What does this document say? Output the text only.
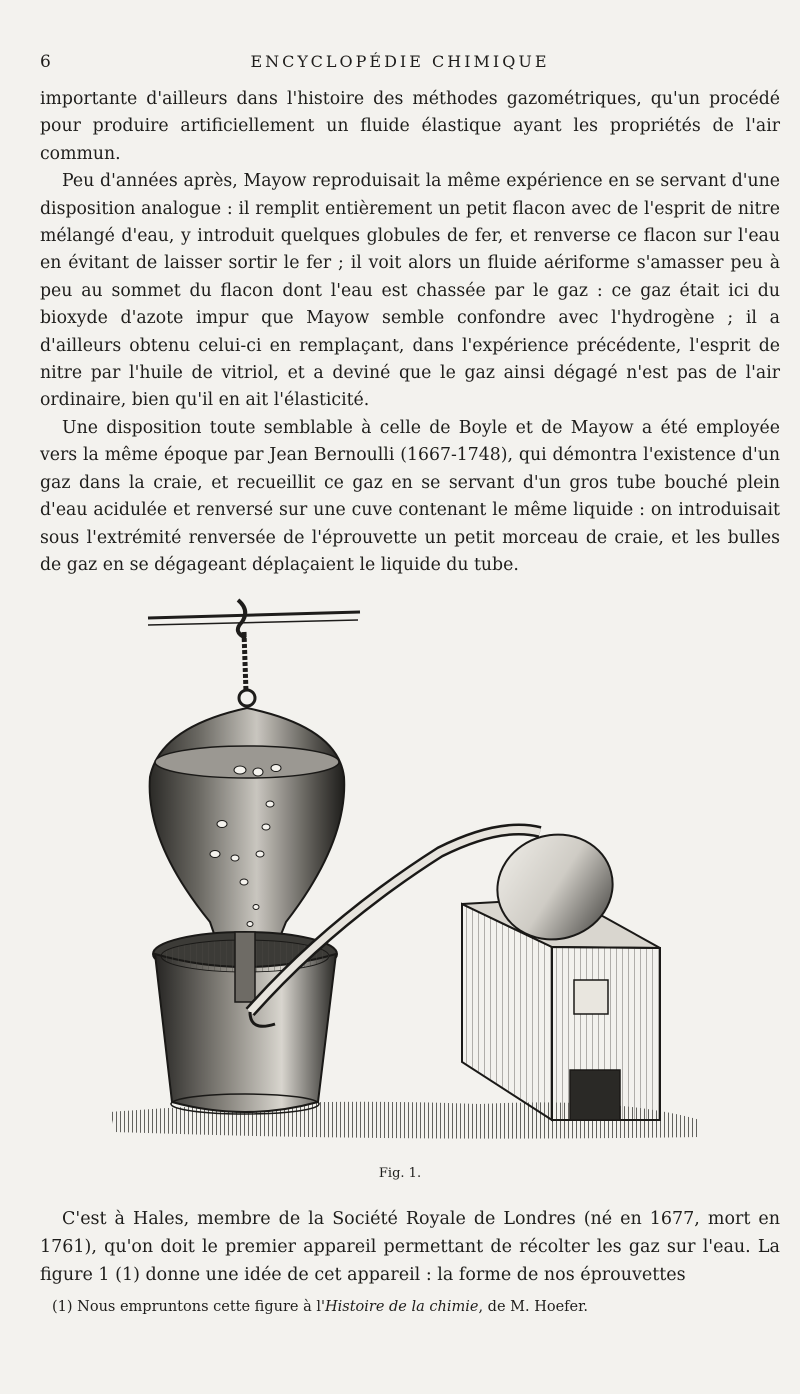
6	ENCYCLOPÉDIE CHIMIQUE

importante d'ailleurs dans l'histoire des méthodes gazométriques, qu'un procédé pour produire artificiellement un fluide élastique ayant les propriétés de l'air commun.

Peu d'années après, Mayow reproduisait la même expérience en se servant d'une disposition analogue : il remplit entièrement un petit flacon avec de l'esprit de nitre mélangé d'eau, y introduit quelques globules de fer, et renverse ce flacon sur l'eau en évitant de laisser sortir le fer ; il voit alors un fluide aériforme s'amasser peu à peu au sommet du flacon dont l'eau est chassée par le gaz : ce gaz était ici du bioxyde d'azote impur que Mayow semble confondre avec l'hydrogène ; il a d'ailleurs obtenu celui-ci en remplaçant, dans l'expérience précédente, l'esprit de nitre par l'huile de vitriol, et a deviné que le gaz ainsi dégagé n'est pas de l'air ordinaire, bien qu'il en ait l'élasticité.

Une disposition toute semblable à celle de Boyle et de Mayow a été employée vers la même époque par Jean Bernoulli (1667-1748), qui démontra l'existence d'un gaz dans la craie, et recueillit ce gaz en se servant d'un gros tube bouché plein d'eau acidulée et renversé sur une cuve contenant le même liquide : on introduisait sous l'extrémité renversée de l'éprouvette un petit morceau de craie, et les bulles de gaz en se dégageant déplaçaient le liquide du tube.

Fig. 1.

C'est à Hales, membre de la Société Royale de Londres (né en 1677, mort en 1761), qu'on doit le premier appareil permettant de récolter les gaz sur l'eau. La figure 1 (1) donne une idée de cet appareil : la forme de nos éprouvettes

(1) Nous empruntons cette figure à l'Histoire de la chimie, de M. Hoefer.
